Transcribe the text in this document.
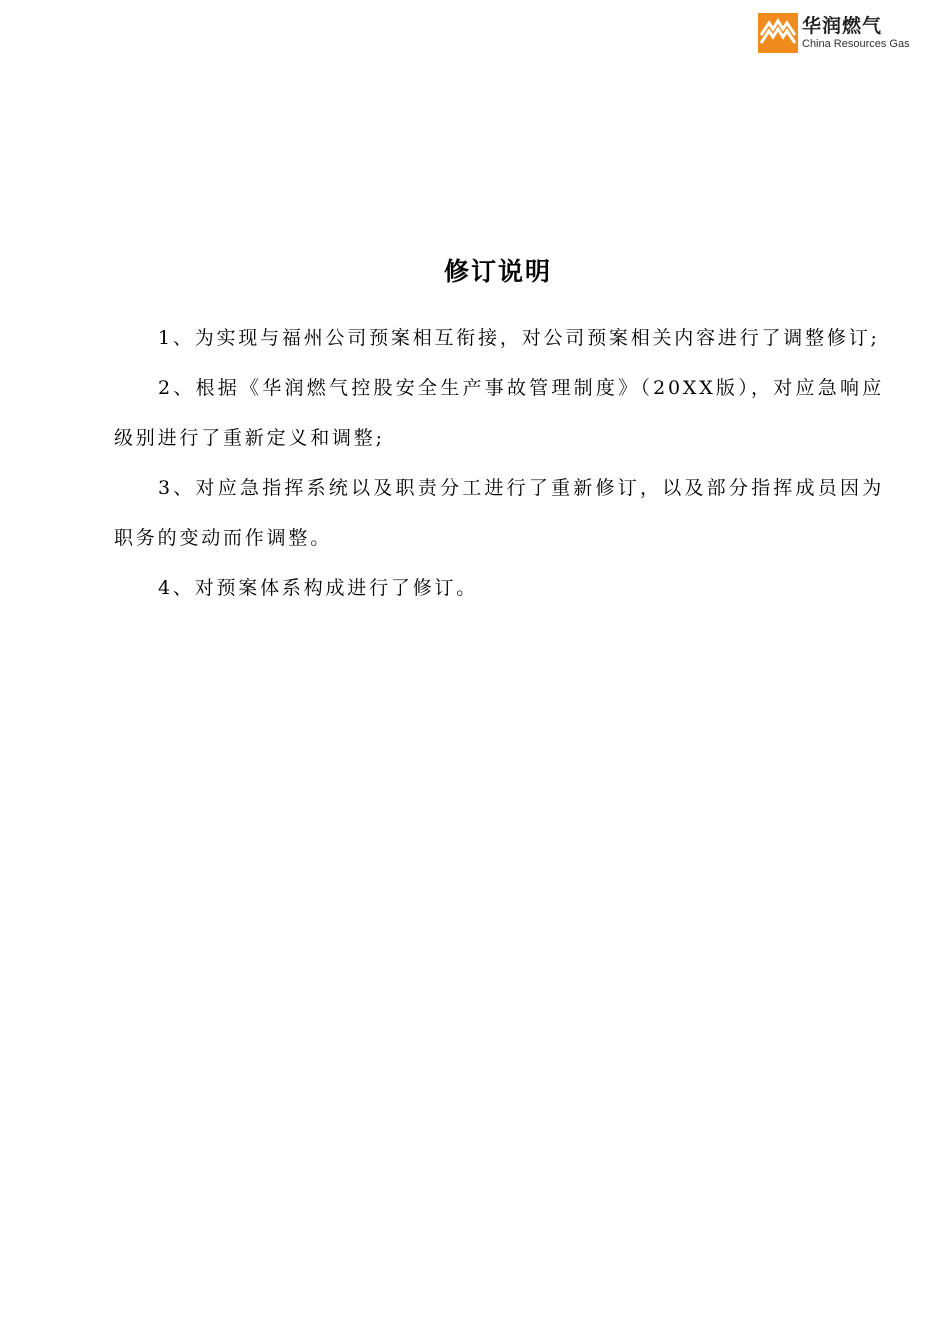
华润燃气
China Resources Gas
修订说明

1、为实现与福州公司预案相互衔接，对公司预案相关内容进行了调整修订;

2、根据《华润燃气控股安全生产事故管理制度》（20XX版），对应急响应级别进行了重新定义和调整;

3、对应急指挥系统以及职责分工进行了重新修订，以及部分指挥成员因为职务的变动而作调整。

4、对预案体系构成进行了修订。
